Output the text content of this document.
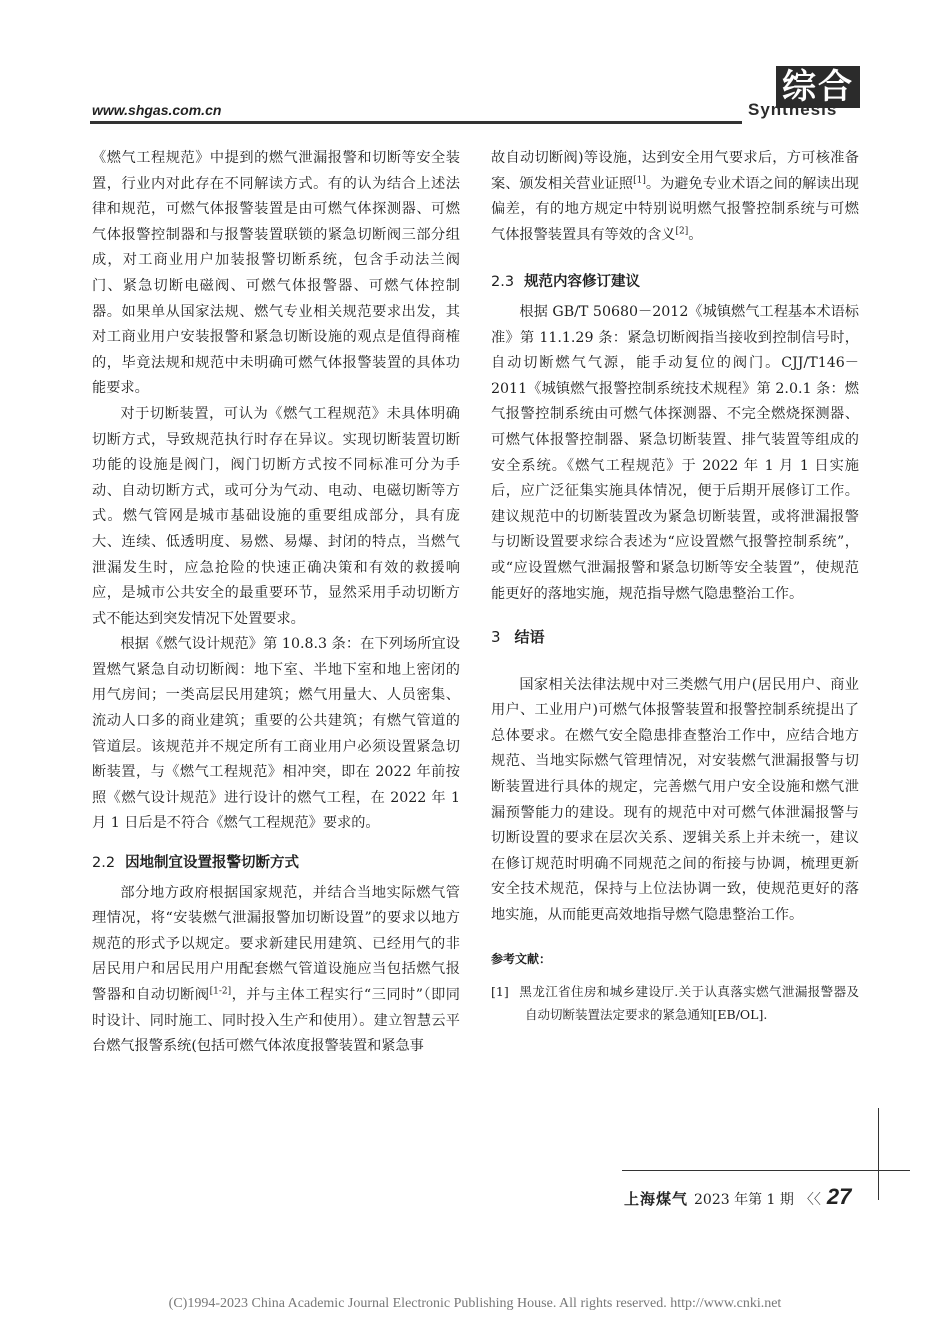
www.shgas.com.cn
综合
Synthesis

《燃气工程规范》中提到的燃气泄漏报警和切断等安全装置，行业内对此存在不同解读方式。有的认为结合上述法律和规范，可燃气体报警装置是由可燃气体探测器、可燃气体报警控制器和与报警装置联锁的紧急切断阀三部分组成，对工商业用户加装报警切断系统，包含手动法兰阀门、紧急切断电磁阀、可燃气体报警器、可燃气体控制器。如果单从国家法规、燃气专业相关规范要求出发，其对工商业用户安装报警和紧急切断设施的观点是值得商榷的，毕竟法规和规范中未明确可燃气体报警装置的具体功能要求。

对于切断装置，可认为《燃气工程规范》未具体明确切断方式，导致规范执行时存在异议。实现切断装置切断功能的设施是阀门，阀门切断方式按不同标准可分为手动、自动切断方式，或可分为气动、电动、电磁切断等方式。燃气管网是城市基础设施的重要组成部分，具有庞大、连续、低透明度、易燃、易爆、封闭的特点，当燃气泄漏发生时，应急抢险的快速正确决策和有效的救援响应，是城市公共安全的最重要环节，显然采用手动切断方式不能达到突发情况下处置要求。

根据《燃气设计规范》第 10.8.3 条：在下列场所宜设置燃气紧急自动切断阀：地下室、半地下室和地上密闭的用气房间；一类高层民用建筑；燃气用量大、人员密集、流动人口多的商业建筑；重要的公共建筑；有燃气管道的管道层。该规范并不规定所有工商业用户必须设置紧急切断装置，与《燃气工程规范》相冲突，即在 2022 年前按照《燃气设计规范》进行设计的燃气工程，在 2022 年 1 月 1 日后是不符合《燃气工程规范》要求的。

2.2 因地制宜设置报警切断方式

部分地方政府根据国家规范，并结合当地实际燃气管理情况，将“安装燃气泄漏报警加切断设置”的要求以地方规范的形式予以规定。要求新建民用建筑、已经用气的非居民用户和居民用户用配套燃气管道设施应当包括燃气报警器和自动切断阀[1-2]，并与主体工程实行“三同时”（即同时设计、同时施工、同时投入生产和使用）。建立智慧云平台燃气报警系统(包括可燃气体浓度报警装置和紧急事

故自动切断阀)等设施，达到安全用气要求后，方可核准备案、颁发相关营业证照[1]。为避免专业术语之间的解读出现偏差，有的地方规定中特别说明燃气报警控制系统与可燃气体报警装置具有等效的含义[2]。

2.3 规范内容修订建议

根据 GB/T 50680－2012《城镇燃气工程基本术语标准》第 11.1.29 条：紧急切断阀指当接收到控制信号时，自动切断燃气气源，能手动复位的阀门。CJJ/T146－2011《城镇燃气报警控制系统技术规程》第 2.0.1 条：燃气报警控制系统由可燃气体探测器、不完全燃烧探测器、可燃气体报警控制器、紧急切断装置、排气装置等组成的安全系统。《燃气工程规范》于 2022 年 1 月 1 日实施后，应广泛征集实施具体情况，便于后期开展修订工作。建议规范中的切断装置改为紧急切断装置，或将泄漏报警与切断设置要求综合表述为“应设置燃气报警控制系统”，或“应设置燃气泄漏报警和紧急切断等安全装置”，使规范能更好的落地实施，规范指导燃气隐患整治工作。

3 结语

国家相关法律法规中对三类燃气用户(居民用户、商业用户、工业用户)可燃气体报警装置和报警控制系统提出了总体要求。在燃气安全隐患排查整治工作中，应结合地方规范、当地实际燃气管理情况，对安装燃气泄漏报警与切断装置进行具体的规定，完善燃气用户安全设施和燃气泄漏预警能力的建设。现有的规范中对可燃气体泄漏报警与切断设置的要求在层次关系、逻辑关系上并未统一，建议在修订规范时明确不同规范之间的衔接与协调，梳理更新安全技术规范，保持与上位法协调一致，使规范更好的落地实施，从而能更高效地指导燃气隐患整治工作。

参考文献：
[1] 黑龙江省住房和城乡建设厅.关于认真落实燃气泄漏报警器及自动切断装置法定要求的紧急通知[EB/OL].
上海煤气 2023 年第 1 期 〈〈 27
(C)1994-2023 China Academic Journal Electronic Publishing House. All rights reserved. http://www.cnki.net
